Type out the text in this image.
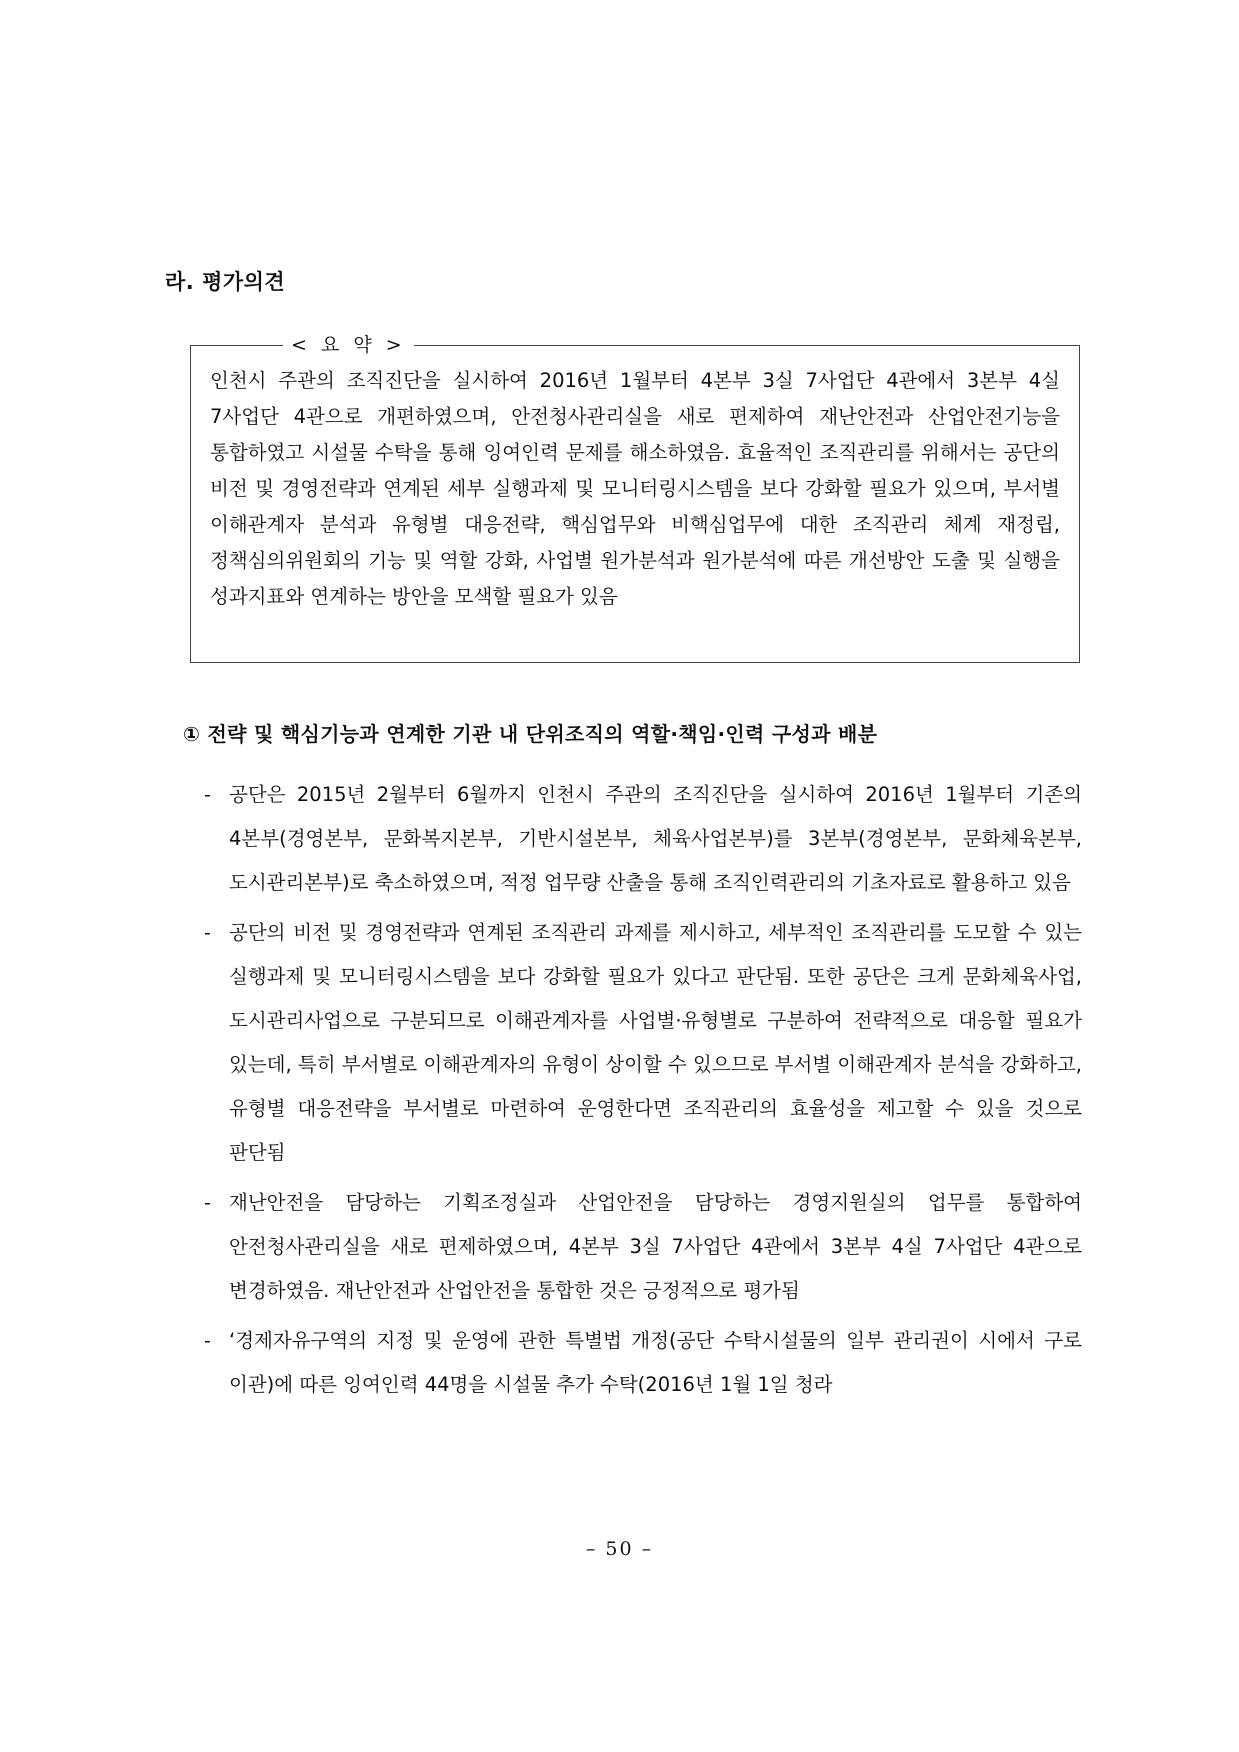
라. 평가의견
< 요 약 >

인천시 주관의 조직진단을 실시하여 2016년 1월부터 4본부 3실 7사업단 4관에서 3본부 4실 7사업단 4관으로 개편하였으며, 안전청사관리실을 새로 편제하여 재난안전과 산업안전기능을 통합하였고 시설물 수탁을 통해 잉여인력 문제를 해소하였음. 효율적인 조직관리를 위해서는 공단의 비전 및 경영전략과 연계된 세부 실행과제 및 모니터링시스템을 보다 강화할 필요가 있으며, 부서별 이해관계자 분석과 유형별 대응전략, 핵심업무와 비핵심업무에 대한 조직관리 체계 재정립, 정책심의위원회의 기능 및 역할 강화, 사업별 원가분석과 원가분석에 따른 개선방안 도출 및 실행을 성과지표와 연계하는 방안을 모색할 필요가 있음

① 전략 및 핵심기능과 연계한 기관 내 단위조직의 역할·책임·인력 구성과 배분
- 공단은 2015년 2월부터 6월까지 인천시 주관의 조직진단을 실시하여 2016년 1월부터 기존의 4본부(경영본부, 문화복지본부, 기반시설본부, 체육사업본부)를 3본부(경영본부, 문화체육본부, 도시관리본부)로 축소하였으며, 적정 업무량 산출을 통해 조직인력관리의 기초자료로 활용하고 있음
- 공단의 비전 및 경영전략과 연계된 조직관리 과제를 제시하고, 세부적인 조직관리를 도모할 수 있는 실행과제 및 모니터링시스템을 보다 강화할 필요가 있다고 판단됨. 또한 공단은 크게 문화체육사업, 도시관리사업으로 구분되므로 이해관계자를 사업별·유형별로 구분하여 전략적으로 대응할 필요가 있는데, 특히 부서별로 이해관계자의 유형이 상이할 수 있으므로 부서별 이해관계자 분석을 강화하고, 유형별 대응전략을 부서별로 마련하여 운영한다면 조직관리의 효율성을 제고할 수 있을 것으로 판단됨
- 재난안전을 담당하는 기획조정실과 산업안전을 담당하는 경영지원실의 업무를 통합하여 안전청사관리실을 새로 편제하였으며, 4본부 3실 7사업단 4관에서 3본부 4실 7사업단 4관으로 변경하였음. 재난안전과 산업안전을 통합한 것은 긍정적으로 평가됨
- ‘경제자유구역의 지정 및 운영에 관한 특별법 개정(공단 수탁시설물의 일부 관리권이 시에서 구로 이관)에 따른 잉여인력 44명을 시설물 추가 수탁(2016년 1월 1일 청라
– 50 –
